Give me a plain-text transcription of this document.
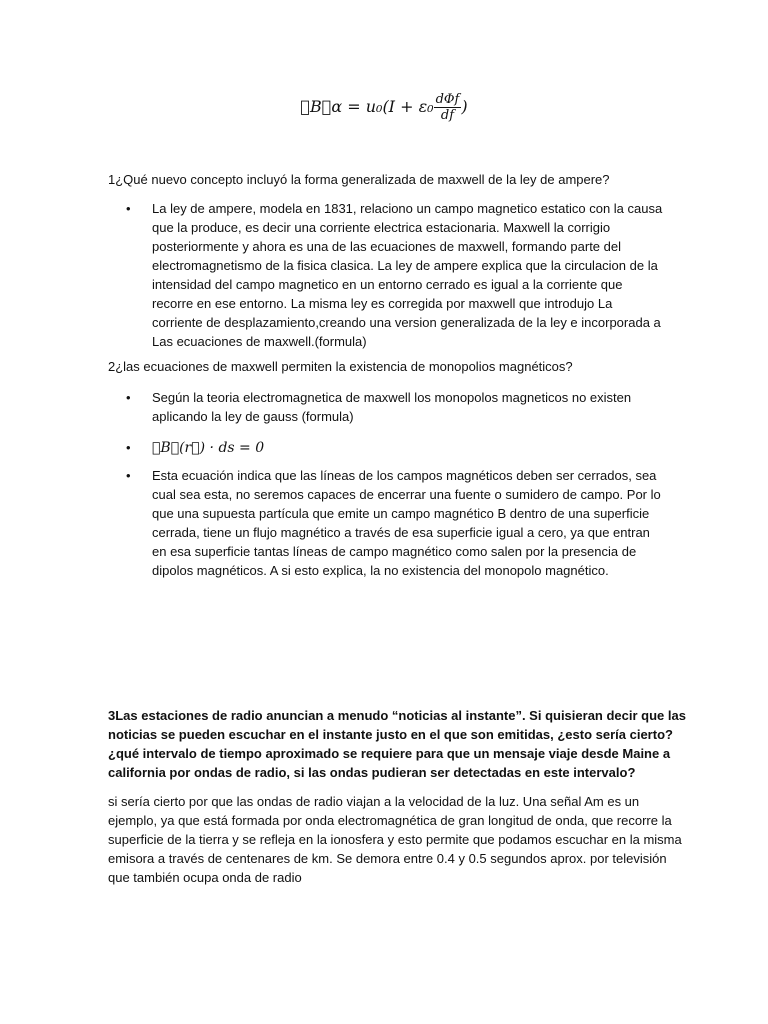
∮B⃗α = $u_0(I + \varepsilon_0 \frac{\text{dΦf}}{df}$ )

1¿Qué nuevo concepto incluyó la forma generalizada de maxwell de la ley de ampere?

• La ley de ampere, modela en 1831, relaciono un campo magnetico estatico con la causa que la produce, es decir una corriente electrica estacionaria. Maxwell la corrigio posteriormente y ahora es una de las ecuaciones de maxwell, formando parte del electromagnetismo de la fisica clasica. La ley de ampere explica que la circulacion de la intensidad del campo magnetico en un entorno cerrado es igual a la corriente que recorre en ese entorno. La misma ley es corregida por maxwell que introdujo La corriente de desplazamiento,creando una version generalizada de la ley e incorporada a Las ecuaciones de maxwell.(formula)

2¿las ecuaciones de maxwell permiten la existencia de monopolios magnéticos?

• Según la teoria electromagnetica de maxwell los monopolos magneticos no existen aplicando la ley de gauss (formula)
• ∮B⃗(r⃗) · ds = 0
• Esta ecuación indica que las líneas de los campos magnéticos deben ser cerrados, sea cual sea esta, no seremos capaces de encerrar una fuente o sumidero de campo. Por lo que una supuesta partícula que emite un campo magnético B dentro de una superficie cerrada, tiene un flujo magnético a través de esa superficie igual a cero, ya que entran en esa superficie tantas líneas de campo magnético como salen por la presencia de dipolos magnéticos. A si esto explica, la no existencia del monopolo magnético.

3Las estaciones de radio anuncian a menudo “noticias al instante”. Si quisieran decir que las noticias se pueden escuchar en el instante justo en el que son emitidas, ¿esto sería cierto? ¿qué intervalo de tiempo aproximado se requiere para que un mensaje viaje desde Maine a california por ondas de radio, si las ondas pudieran ser detectadas en este intervalo?

si sería cierto por que las ondas de radio viajan a la velocidad de la luz. Una señal Am es un ejemplo, ya que está formada por onda electromagnética de gran longitud de onda, que recorre la superficie de la tierra y se refleja en la ionosfera y esto permite que podamos escuchar en la misma emisora a través de centenares de km. Se demora entre 0.4 y 0.5 segundos aprox. por televisión que también ocupa onda de radio
